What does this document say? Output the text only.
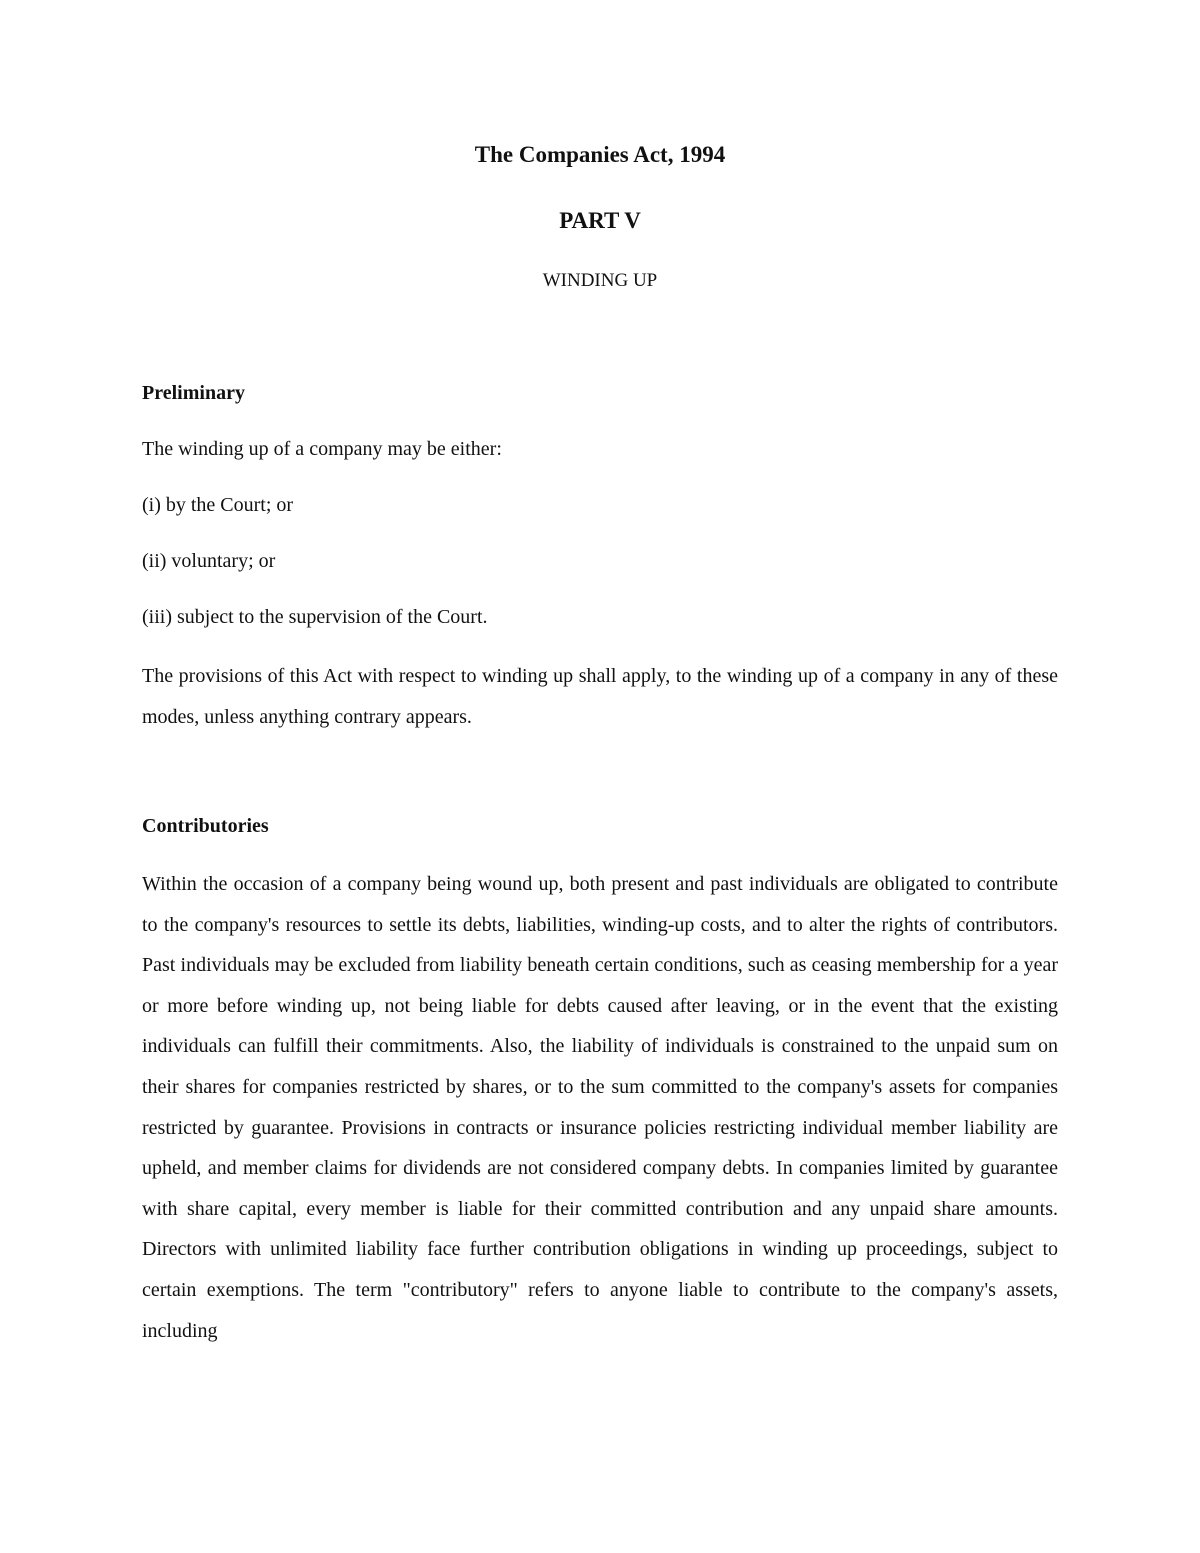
The Companies Act, 1994
PART V
WINDING UP
Preliminary

The winding up of a company may be either:

(i) by the Court; or

(ii) voluntary; or

(iii) subject to the supervision of the Court.

The provisions of this Act with respect to winding up shall apply, to the winding up of a company in any of these modes, unless anything contrary appears.

Contributories

Within the occasion of a company being wound up, both present and past individuals are obligated to contribute to the company's resources to settle its debts, liabilities, winding-up costs, and to alter the rights of contributors. Past individuals may be excluded from liability beneath certain conditions, such as ceasing membership for a year or more before winding up, not being liable for debts caused after leaving, or in the event that the existing individuals can fulfill their commitments. Also, the liability of individuals is constrained to the unpaid sum on their shares for companies restricted by shares, or to the sum committed to the company's assets for companies restricted by guarantee. Provisions in contracts or insurance policies restricting individual member liability are upheld, and member claims for dividends are not considered company debts. In companies limited by guarantee with share capital, every member is liable for their committed contribution and any unpaid share amounts. Directors with unlimited liability face further contribution obligations in winding up proceedings, subject to certain exemptions. The term "contributory" refers to anyone liable to contribute to the company's assets, including
